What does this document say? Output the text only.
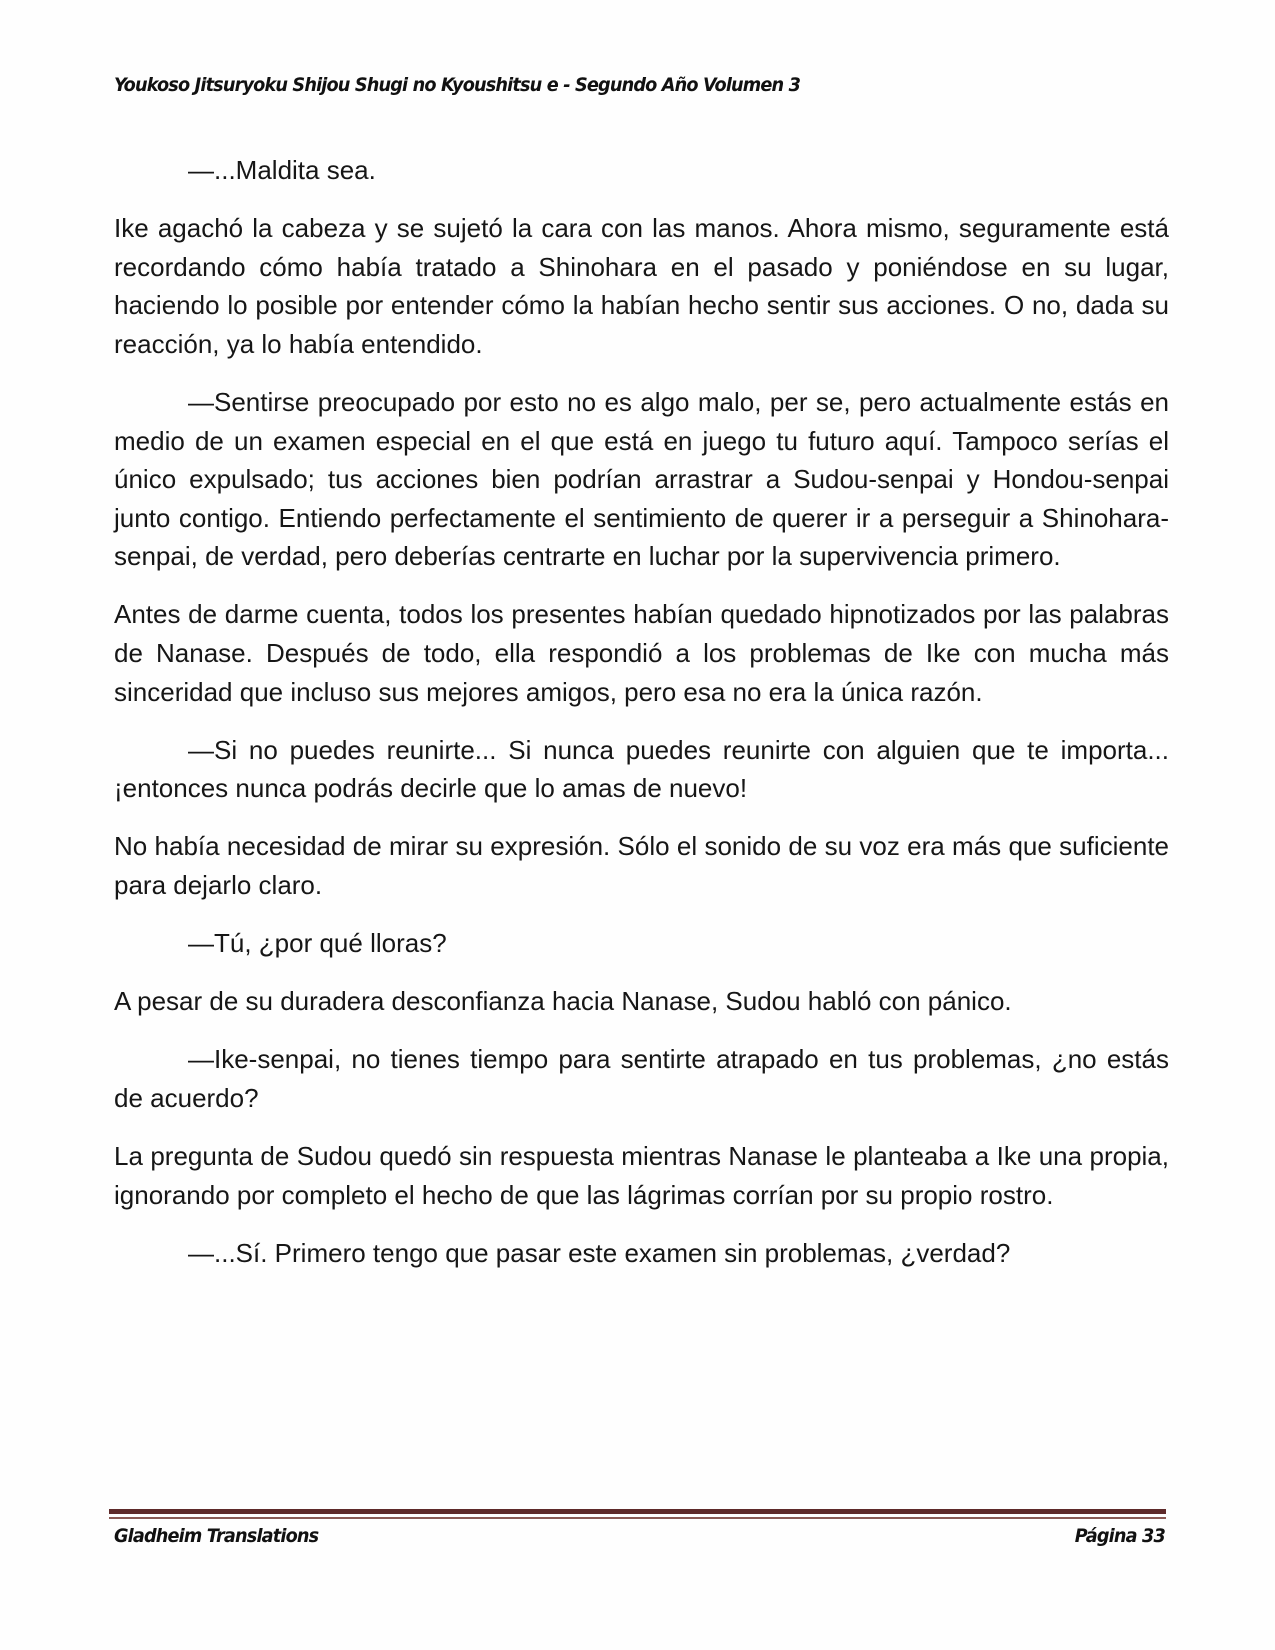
Youkoso Jitsuryoku Shijou Shugi no Kyoushitsu e - Segundo Año Volumen 3

—...Maldita sea.

Ike agachó la cabeza y se sujetó la cara con las manos. Ahora mismo, seguramente está recordando cómo había tratado a Shinohara en el pasado y poniéndose en su lugar, haciendo lo posible por entender cómo la habían hecho sentir sus acciones. O no, dada su reacción, ya lo había entendido.

—Sentirse preocupado por esto no es algo malo, per se, pero actualmente estás en medio de un examen especial en el que está en juego tu futuro aquí. Tampoco serías el único expulsado; tus acciones bien podrían arrastrar a Sudou-senpai y Hondou-senpai junto contigo. Entiendo perfectamente el sentimiento de querer ir a perseguir a Shinohara-senpai, de verdad, pero deberías centrarte en luchar por la supervivencia primero.

Antes de darme cuenta, todos los presentes habían quedado hipnotizados por las palabras de Nanase. Después de todo, ella respondió a los problemas de Ike con mucha más sinceridad que incluso sus mejores amigos, pero esa no era la única razón.

—Si no puedes reunirte... Si nunca puedes reunirte con alguien que te importa... ¡entonces nunca podrás decirle que lo amas de nuevo!

No había necesidad de mirar su expresión. Sólo el sonido de su voz era más que suficiente para dejarlo claro.

—Tú, ¿por qué lloras?

A pesar de su duradera desconfianza hacia Nanase, Sudou habló con pánico.

—Ike-senpai, no tienes tiempo para sentirte atrapado en tus problemas, ¿no estás de acuerdo?

La pregunta de Sudou quedó sin respuesta mientras Nanase le planteaba a Ike una propia, ignorando por completo el hecho de que las lágrimas corrían por su propio rostro.

—...Sí. Primero tengo que pasar este examen sin problemas, ¿verdad?

Gladheim Translations	Página 33
